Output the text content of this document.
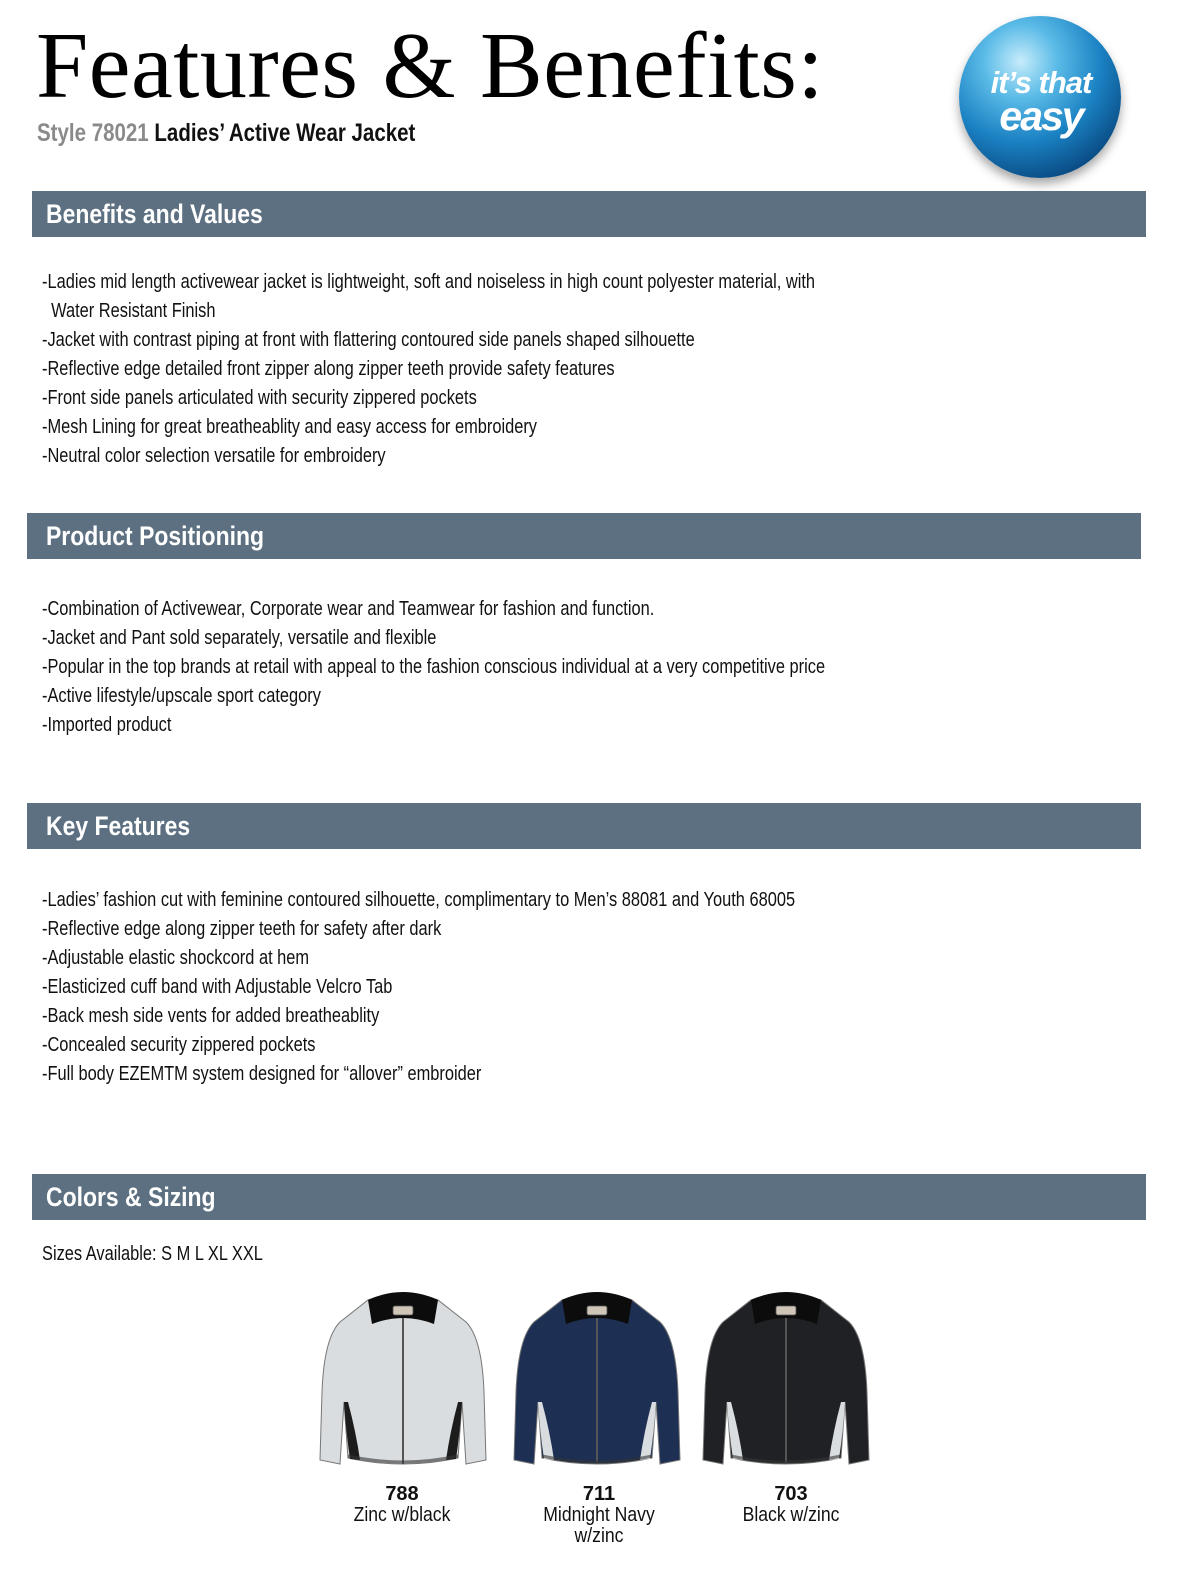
Features & Benefits:
Style 78021 Ladies’ Active Wear Jacket
it’s that
easy
Benefits and Values
-Ladies mid length activewear jacket is lightweight, soft and noiseless in high count polyester material, with
Water Resistant Finish
-Jacket with contrast piping at front with flattering contoured side panels shaped silhouette
-Reflective edge detailed front zipper along zipper teeth provide safety features
-Front side panels articulated with security zippered pockets
-Mesh Lining for great breatheablity and easy access for embroidery
-Neutral color selection versatile for embroidery
Product Positioning
-Combination of Activewear, Corporate wear and Teamwear for fashion and function.
-Jacket and Pant sold separately, versatile and flexible
-Popular in the top brands at retail with appeal to the fashion conscious individual at a very competitive price
-Active lifestyle/upscale sport category
-Imported product
Key Features
-Ladies’ fashion cut with feminine contoured silhouette, complimentary to Men’s 88081 and Youth 68005
-Reflective edge along zipper teeth for safety after dark
-Adjustable elastic shockcord at hem
-Elasticized cuff band with Adjustable Velcro Tab
-Back mesh side vents for added breatheablity
-Concealed security zippered pockets
-Full body EZEMTM system designed for “allover” embroider
Colors & Sizing
Sizes Available: S M L XL XXL
788
Zinc w/black
711
Midnight Navy w/zinc
703
Black w/zinc
